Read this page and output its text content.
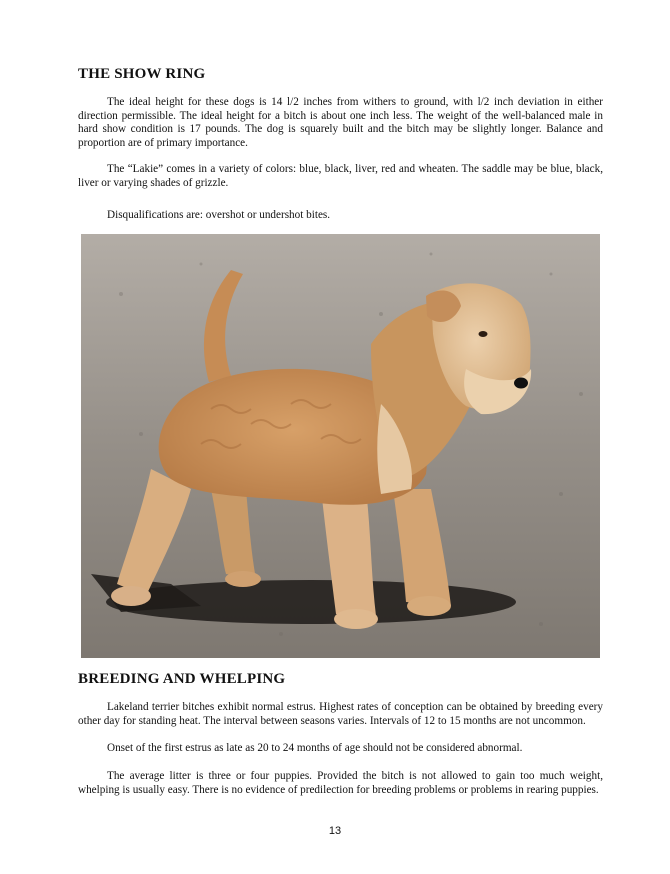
THE SHOW RING

The ideal height for these dogs is 14 l/2 inches from withers to ground, with l/2 inch deviation in either direction permissible. The ideal height for a bitch is about one inch less. The weight of the well-balanced male in hard show condition is 17 pounds. The dog is squarely built and the bitch may be slightly longer. Balance and proportion are of primary importance.

The “Lakie” comes in a variety of colors: blue, black, liver, red and wheaten. The saddle may be blue, black, liver or varying shades of grizzle.

Disqualifications are: overshot or undershot bites.

BREEDING AND WHELPING

Lakeland terrier bitches exhibit normal estrus. Highest rates of conception can be obtained by breeding every other day for standing heat. The interval between seasons varies. Intervals of 12 to 15 months are not uncommon.

Onset of the first estrus as late as 20 to 24 months of age should not be considered abnormal.

The average litter is three or four puppies. Provided the bitch is not allowed to gain too much weight, whelping is usually easy. There is no evidence of predilection for breeding problems or problems in rearing puppies.

13
